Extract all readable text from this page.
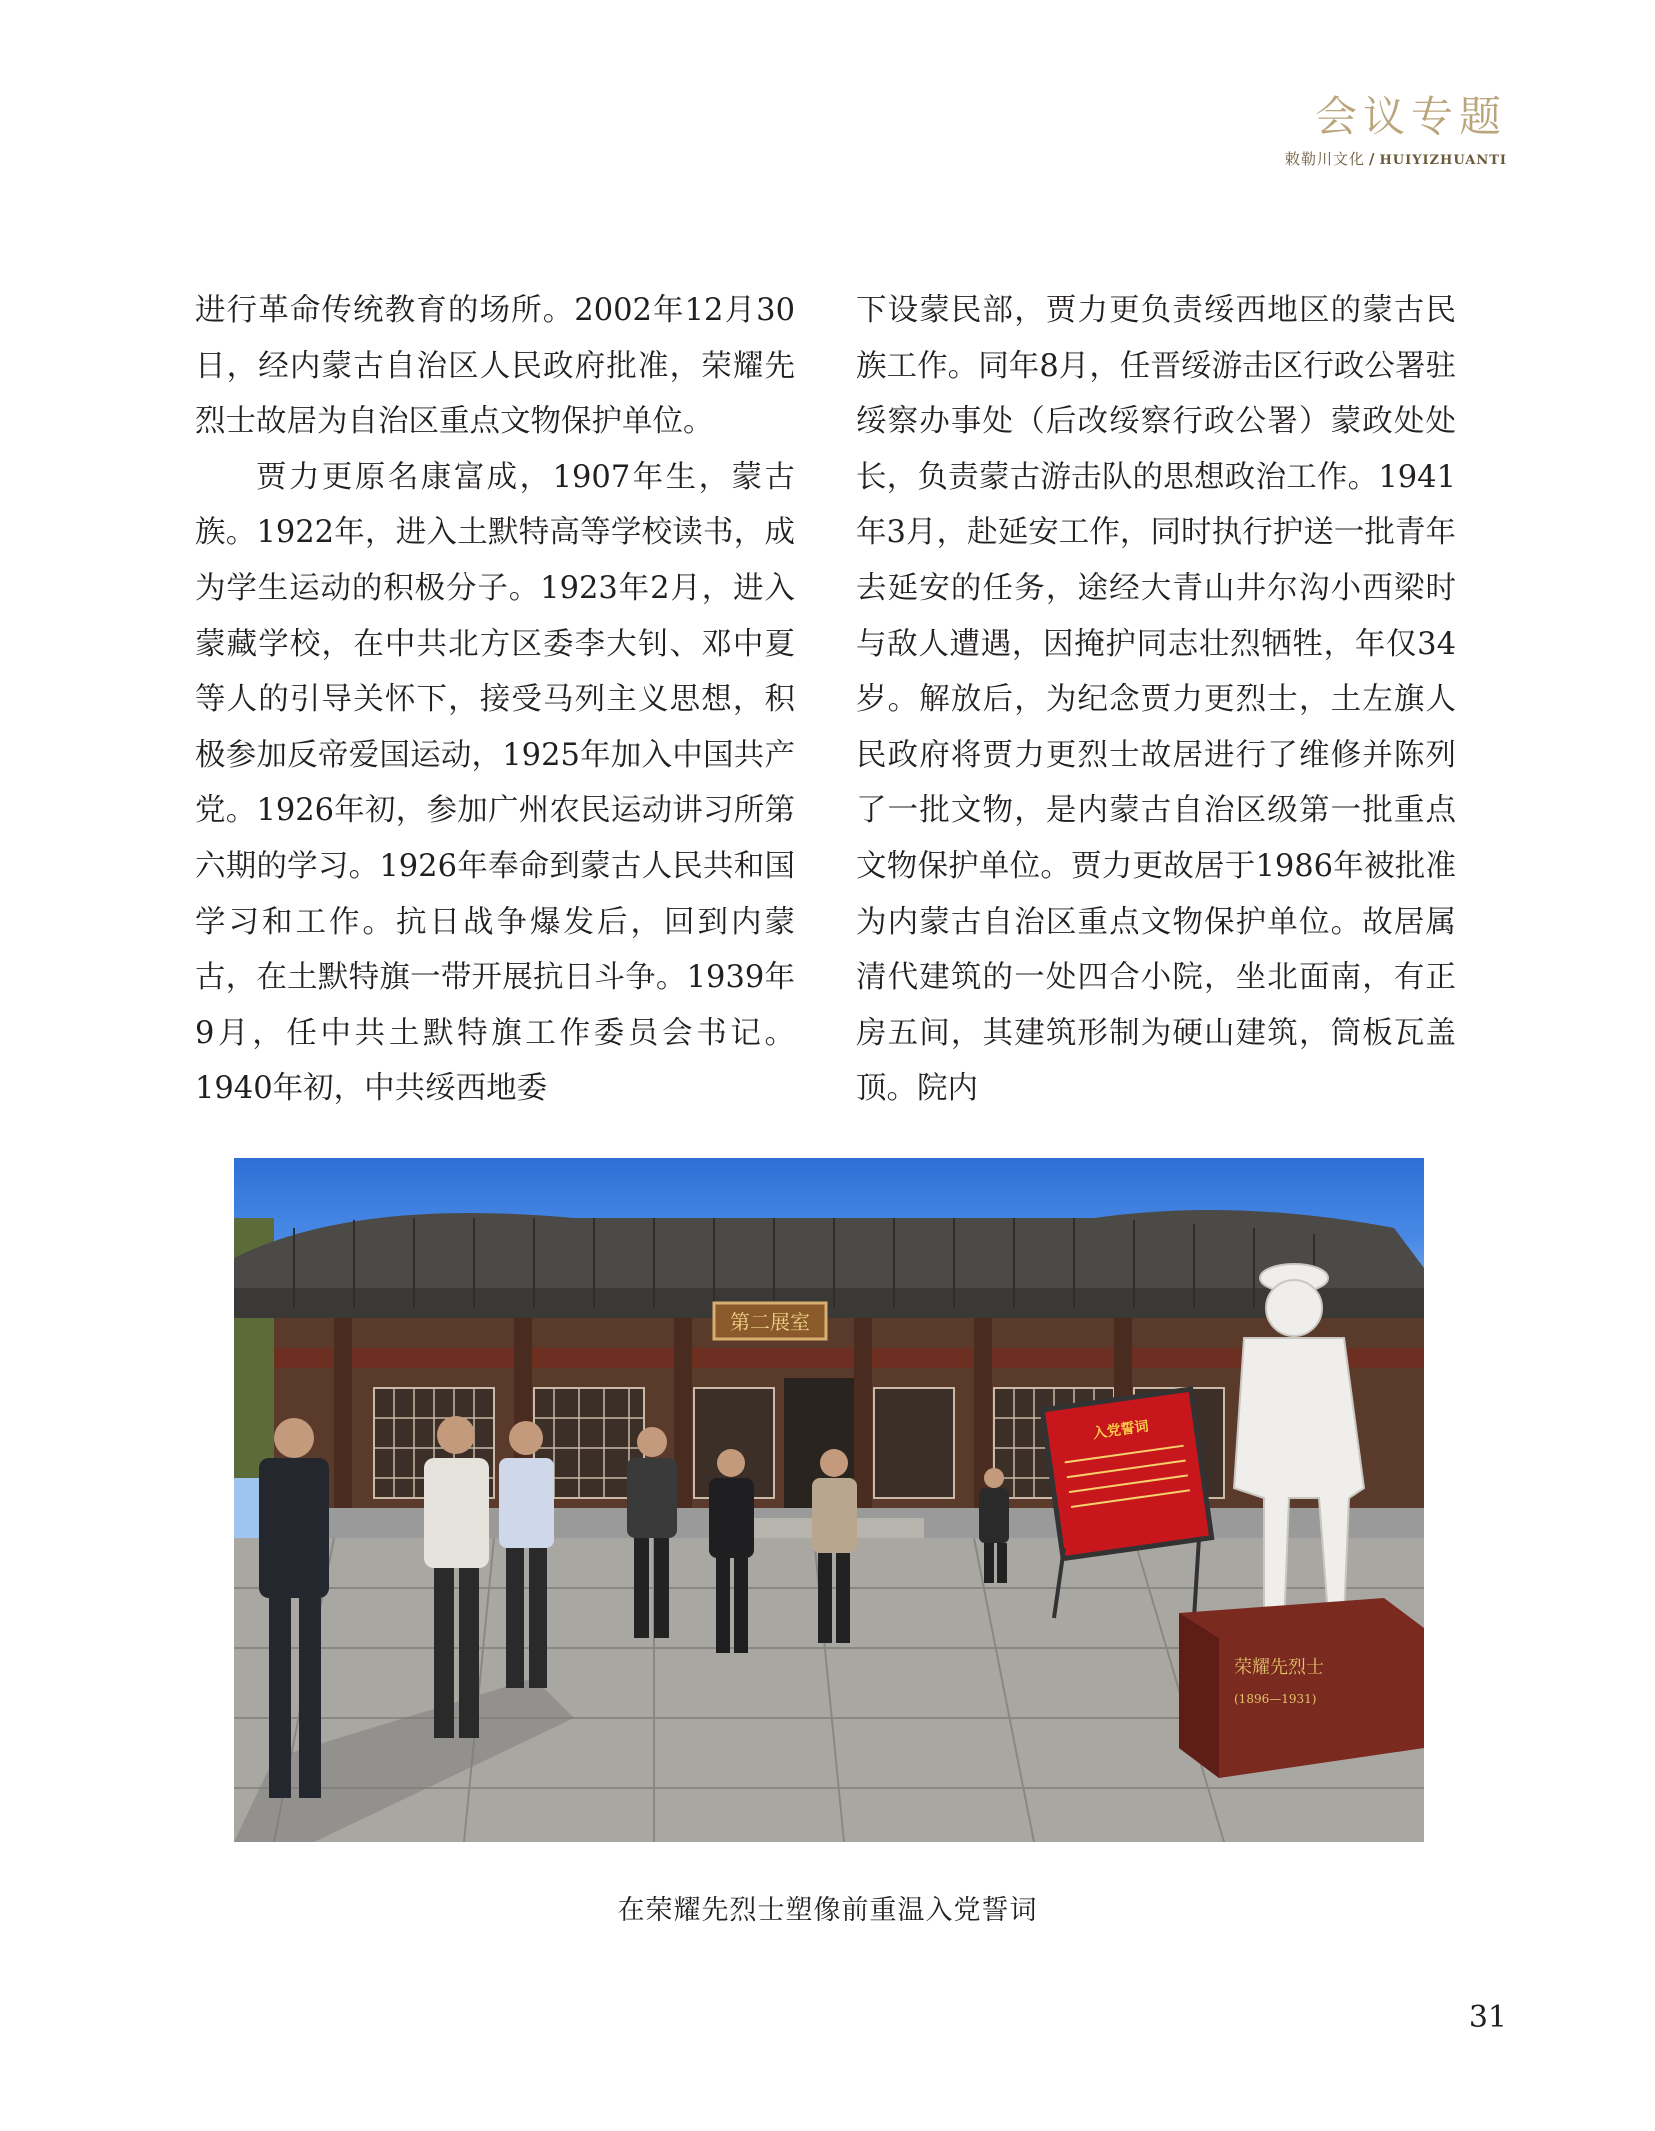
会议专题
敕勒川文化 / HUIYIZHUANTI

进行革命传统教育的场所。2002年12月30日，经内蒙古自治区人民政府批准，荣耀先烈士故居为自治区重点文物保护单位。

贾力更原名康富成，1907年生，蒙古族。1922年，进入土默特高等学校读书，成为学生运动的积极分子。1923年2月，进入蒙藏学校，在中共北方区委李大钊、邓中夏等人的引导关怀下，接受马列主义思想，积极参加反帝爱国运动，1925年加入中国共产党。1926年初，参加广州农民运动讲习所第六期的学习。1926年奉命到蒙古人民共和国学习和工作。抗日战争爆发后，回到内蒙古，在土默特旗一带开展抗日斗争。1939年9月，任中共土默特旗工作委员会书记。1940年初，中共绥西地委

下设蒙民部，贾力更负责绥西地区的蒙古民族工作。同年8月，任晋绥游击区行政公署驻绥察办事处（后改绥察行政公署）蒙政处处长，负责蒙古游击队的思想政治工作。1941年3月，赴延安工作，同时执行护送一批青年去延安的任务，途经大青山井尔沟小西梁时与敌人遭遇，因掩护同志壮烈牺牲，年仅34岁。解放后，为纪念贾力更烈士，土左旗人民政府将贾力更烈士故居进行了维修并陈列了一批文物，是内蒙古自治区级第一批重点文物保护单位。贾力更故居于1986年被批准为内蒙古自治区重点文物保护单位。故居属清代建筑的一处四合小院，坐北面南，有正房五间，其建筑形制为硬山建筑，筒板瓦盖顶。院内

第二展室
入党誓词
荣耀先烈士
(1896—1931)
在荣耀先烈士塑像前重温入党誓词
31
